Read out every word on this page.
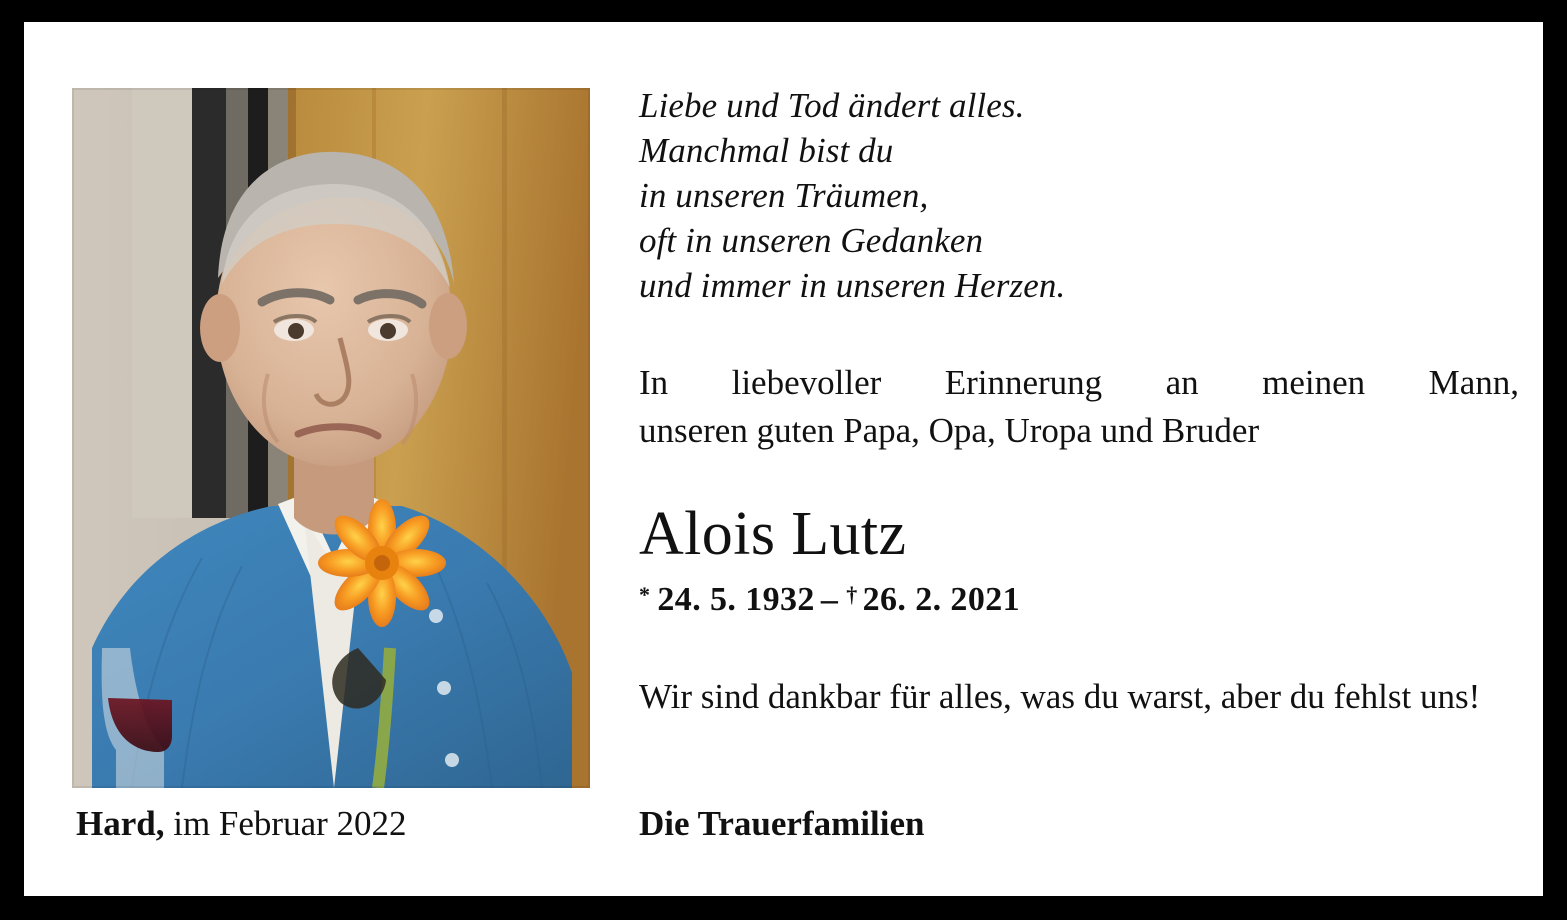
Liebe und Tod ändert alles.
Manchmal bist du
in unseren Träumen,
oft in unseren Gedanken
und immer in unseren Herzen.
In liebevoller Erinnerung an meinen Mann,
unseren guten Papa, Opa, Uropa und Bruder
Alois Lutz
* 24. 5. 1932 – † 26. 2. 2021
Wir sind dankbar für alles, was du warst, aber du fehlst uns!
Hard, im Februar 2022	Die Trauerfamilien
